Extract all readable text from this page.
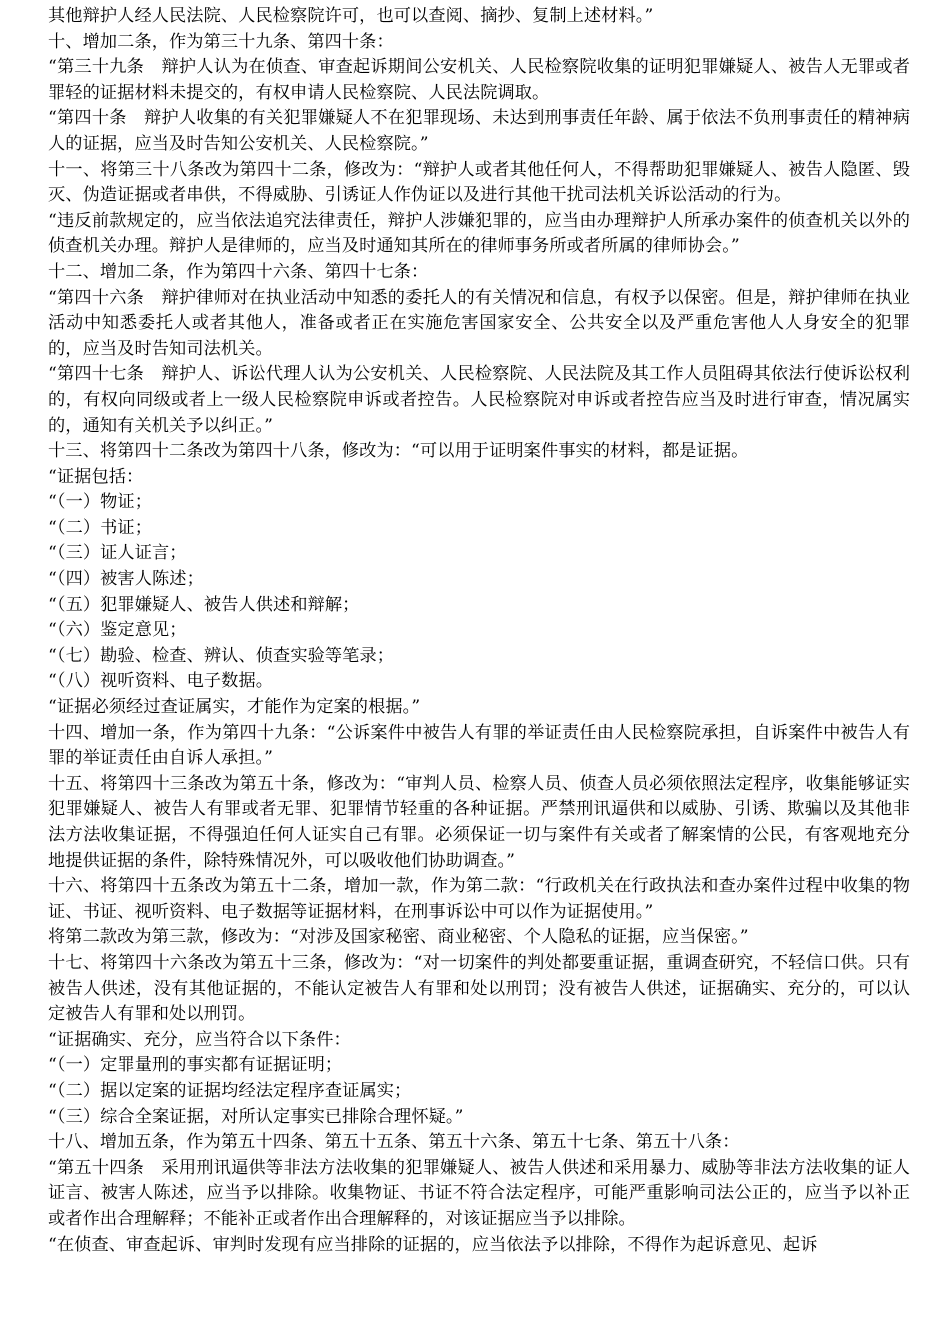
其他辩护人经人民法院、人民检察院许可，也可以查阅、摘抄、复制上述材料。”

十、增加二条，作为第三十九条、第四十条：

“第三十九条　辩护人认为在侦查、审查起诉期间公安机关、人民检察院收集的证明犯罪嫌疑人、被告人无罪或者罪轻的证据材料未提交的，有权申请人民检察院、人民法院调取。

“第四十条　辩护人收集的有关犯罪嫌疑人不在犯罪现场、未达到刑事责任年龄、属于依法不负刑事责任的精神病人的证据，应当及时告知公安机关、人民检察院。”

十一、将第三十八条改为第四十二条，修改为：“辩护人或者其他任何人，不得帮助犯罪嫌疑人、被告人隐匿、毁灭、伪造证据或者串供，不得威胁、引诱证人作伪证以及进行其他干扰司法机关诉讼活动的行为。

“违反前款规定的，应当依法追究法律责任，辩护人涉嫌犯罪的，应当由办理辩护人所承办案件的侦查机关以外的侦查机关办理。辩护人是律师的，应当及时通知其所在的律师事务所或者所属的律师协会。”

十二、增加二条，作为第四十六条、第四十七条：

“第四十六条　辩护律师对在执业活动中知悉的委托人的有关情况和信息，有权予以保密。但是，辩护律师在执业活动中知悉委托人或者其他人，准备或者正在实施危害国家安全、公共安全以及严重危害他人人身安全的犯罪的，应当及时告知司法机关。

“第四十七条　辩护人、诉讼代理人认为公安机关、人民检察院、人民法院及其工作人员阻碍其依法行使诉讼权利的，有权向同级或者上一级人民检察院申诉或者控告。人民检察院对申诉或者控告应当及时进行审查，情况属实的，通知有关机关予以纠正。”

十三、将第四十二条改为第四十八条，修改为：“可以用于证明案件事实的材料，都是证据。

“证据包括：

“（一）物证；

“（二）书证；

“（三）证人证言；

“（四）被害人陈述；

“（五）犯罪嫌疑人、被告人供述和辩解；

“（六）鉴定意见；

“（七）勘验、检查、辨认、侦查实验等笔录；

“（八）视听资料、电子数据。

“证据必须经过查证属实，才能作为定案的根据。”

十四、增加一条，作为第四十九条：“公诉案件中被告人有罪的举证责任由人民检察院承担，自诉案件中被告人有罪的举证责任由自诉人承担。”

十五、将第四十三条改为第五十条，修改为：“审判人员、检察人员、侦查人员必须依照法定程序，收集能够证实犯罪嫌疑人、被告人有罪或者无罪、犯罪情节轻重的各种证据。严禁刑讯逼供和以威胁、引诱、欺骗以及其他非法方法收集证据，不得强迫任何人证实自己有罪。必须保证一切与案件有关或者了解案情的公民，有客观地充分地提供证据的条件，除特殊情况外，可以吸收他们协助调查。”

十六、将第四十五条改为第五十二条，增加一款，作为第二款：“行政机关在行政执法和查办案件过程中收集的物证、书证、视听资料、电子数据等证据材料，在刑事诉讼中可以作为证据使用。”

将第二款改为第三款，修改为：“对涉及国家秘密、商业秘密、个人隐私的证据，应当保密。”

十七、将第四十六条改为第五十三条，修改为：“对一切案件的判处都要重证据，重调查研究，不轻信口供。只有被告人供述，没有其他证据的，不能认定被告人有罪和处以刑罚；没有被告人供述，证据确实、充分的，可以认定被告人有罪和处以刑罚。

“证据确实、充分，应当符合以下条件：

“（一）定罪量刑的事实都有证据证明；

“（二）据以定案的证据均经法定程序查证属实；

“（三）综合全案证据，对所认定事实已排除合理怀疑。”

十八、增加五条，作为第五十四条、第五十五条、第五十六条、第五十七条、第五十八条：

“第五十四条　采用刑讯逼供等非法方法收集的犯罪嫌疑人、被告人供述和采用暴力、威胁等非法方法收集的证人证言、被害人陈述，应当予以排除。收集物证、书证不符合法定程序，可能严重影响司法公正的，应当予以补正或者作出合理解释；不能补正或者作出合理解释的，对该证据应当予以排除。

“在侦查、审查起诉、审判时发现有应当排除的证据的，应当依法予以排除，不得作为起诉意见、起诉
